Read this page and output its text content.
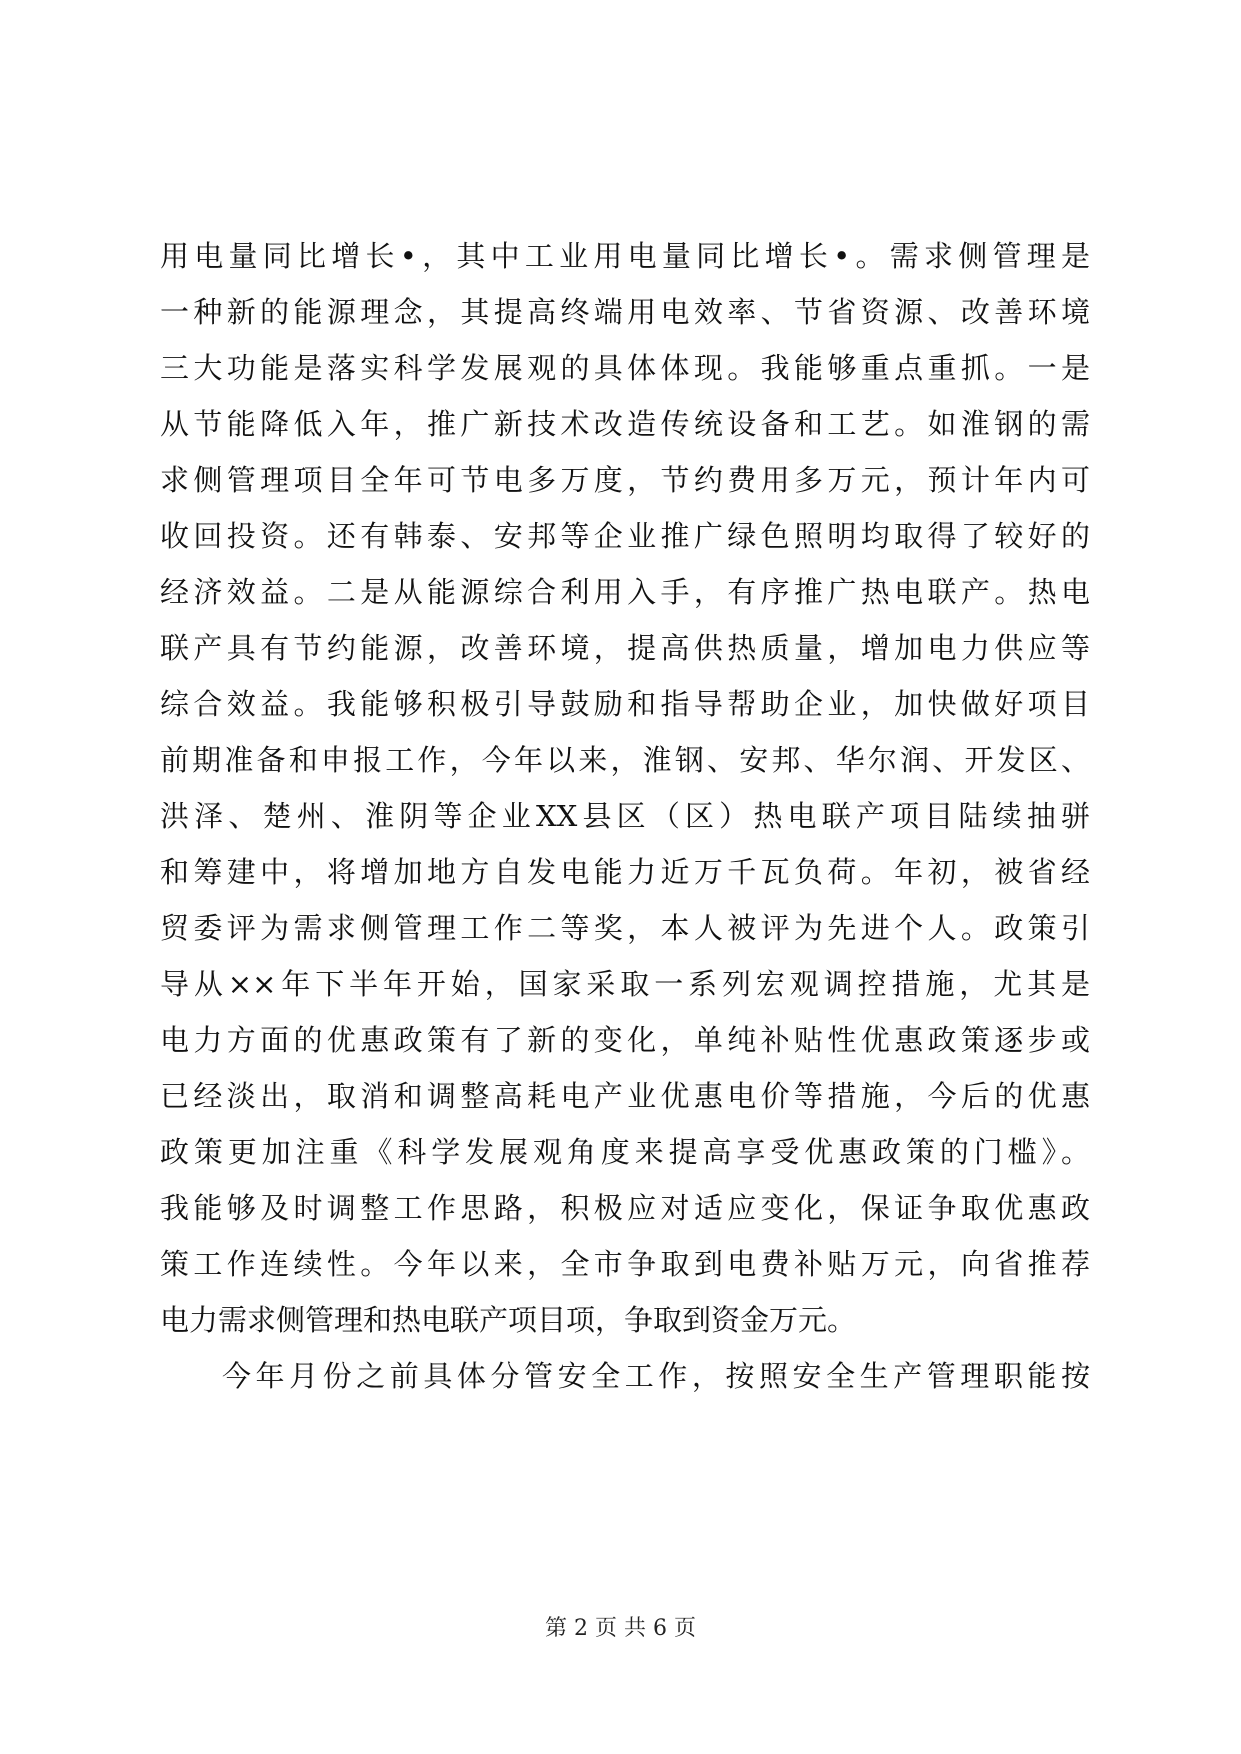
用电量同比增长•，其中工业用电量同比增长•。需求侧管理是
一种新的能源理念，其提高终端用电效率、节省资源、改善环境
三大功能是落实科学发展观的具体体现。我能够重点重抓。一是
从节能降低入年，推广新技术改造传统设备和工艺。如淮钢的需
求侧管理项目全年可节电多万度，节约费用多万元，预计年内可
收回投资。还有韩泰、安邦等企业推广绿色照明均取得了较好的
经济效益。二是从能源综合利用入手，有序推广热电联产。热电
联产具有节约能源，改善环境，提高供热质量，增加电力供应等
综合效益。我能够积极引导鼓励和指导帮助企业，加快做好项目
前期准备和申报工作，今年以来，淮钢、安邦、华尔润、开发区、
洪泽、楚州、淮阴等企业XX县区（区）热电联产项目陆续抽骈
和筹建中，将增加地方自发电能力近万千瓦负荷。年初，被省经
贸委评为需求侧管理工作二等奖，本人被评为先进个人。政策引
导从××年下半年开始，国家采取一系列宏观调控措施，尤其是
电力方面的优惠政策有了新的变化，单纯补贴性优惠政策逐步或
已经淡出，取消和调整高耗电产业优惠电价等措施，今后的优惠
政策更加注重《科学发展观角度来提高享受优惠政策的门槛》。
我能够及时调整工作思路，积极应对适应变化，保证争取优惠政
策工作连续性。今年以来，全市争取到电费补贴万元，向省推荐
电力需求侧管理和热电联产项目项，争取到资金万元。
今年月份之前具体分管安全工作，按照安全生产管理职能按
第 2 页 共 6 页
